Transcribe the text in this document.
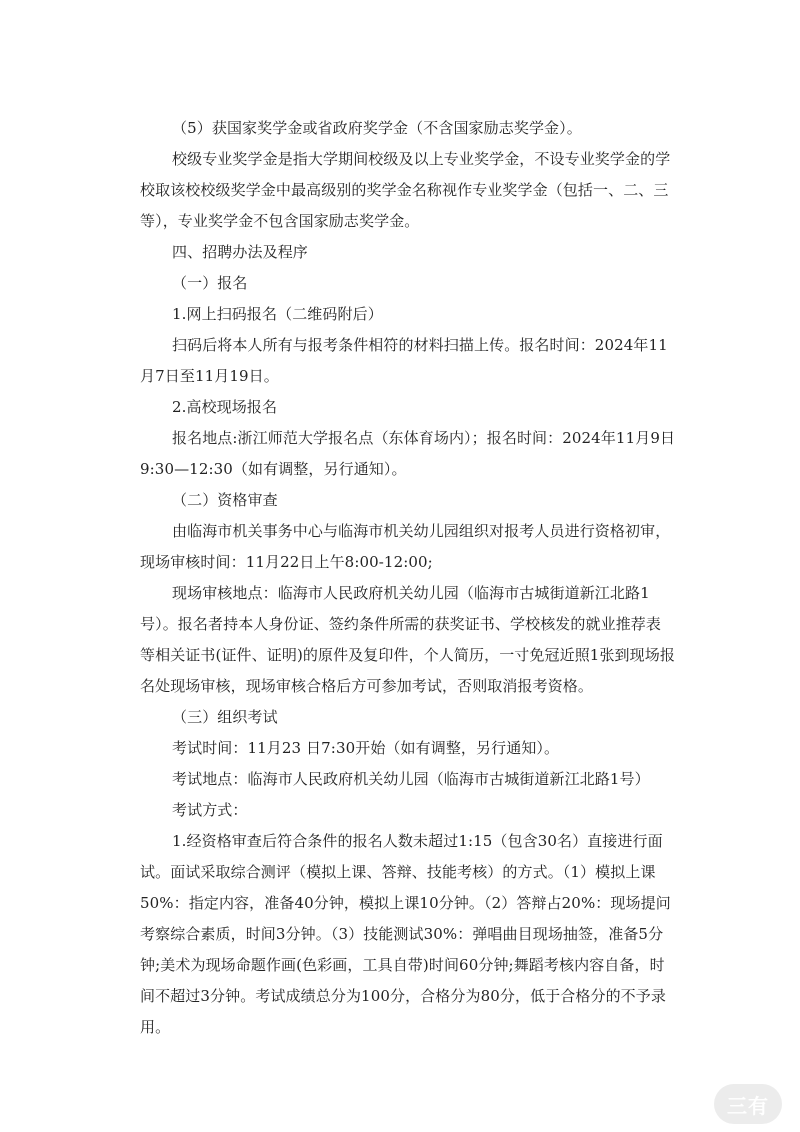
（5）获国家奖学金或省政府奖学金（不含国家励志奖学金）。

校级专业奖学金是指大学期间校级及以上专业奖学金，不设专业奖学金的学校取该校校级奖学金中最高级别的奖学金名称视作专业奖学金（包括一、二、三等），专业奖学金不包含国家励志奖学金。

四、招聘办法及程序

（一）报名

1.网上扫码报名（二维码附后）

扫码后将本人所有与报考条件相符的材料扫描上传。报名时间：2024年11月7日至11月19日。

2.高校现场报名

报名地点:浙江师范大学报名点（东体育场内）；报名时间：2024年11月9日9:30—12:30（如有调整，另行通知）。

（二）资格审查

由临海市机关事务中心与临海市机关幼儿园组织对报考人员进行资格初审，现场审核时间：11月22日上午8:00-12:00;

现场审核地点：临海市人民政府机关幼儿园（临海市古城街道新江北路1号）。报名者持本人身份证、签约条件所需的获奖证书、学校核发的就业推荐表等相关证书(证件、证明)的原件及复印件，个人简历，一寸免冠近照1张到现场报名处现场审核，现场审核合格后方可参加考试，否则取消报考资格。

（三）组织考试

考试时间：11月23 日7:30开始（如有调整，另行通知）。

考试地点：临海市人民政府机关幼儿园（临海市古城街道新江北路1号）

考试方式：

1.经资格审查后符合条件的报名人数未超过1:15（包含30名）直接进行面试。面试采取综合测评（模拟上课、答辩、技能考核）的方式。（1）模拟上课50%：指定内容，准备40分钟，模拟上课10分钟。（2）答辩占20%：现场提问考察综合素质，时间3分钟。（3）技能测试30%：弹唱曲目现场抽签，准备5分钟;美术为现场命题作画(色彩画，工具自带)时间60分钟;舞蹈考核内容自备，时间不超过3分钟。考试成绩总分为100分，合格分为80分，低于合格分的不予录用。

三有
